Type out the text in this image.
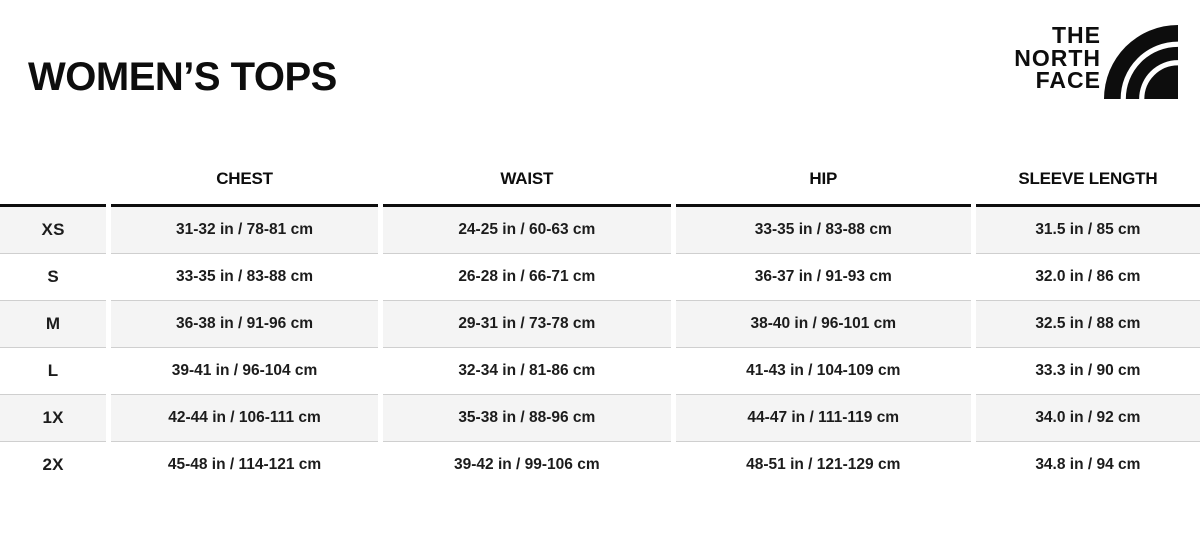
WOMEN’S TOPS
THE
NORTH
FACE
	CHEST	WAIST	HIP	SLEEVE LENGTH
XS	31-32 in / 78-81 cm	24-25 in / 60-63 cm	33-35 in / 83-88 cm	31.5 in / 85 cm
S	33-35 in / 83-88 cm	26-28 in / 66-71 cm	36-37 in / 91-93 cm	32.0 in / 86 cm
M	36-38 in / 91-96 cm	29-31 in / 73-78 cm	38-40 in / 96-101 cm	32.5 in / 88 cm
L	39-41 in / 96-104 cm	32-34 in / 81-86 cm	41-43 in / 104-109 cm	33.3 in / 90 cm
1X	42-44 in / 106-111 cm	35-38 in / 88-96 cm	44-47 in / 111-119 cm	34.0 in / 92 cm
2X	45-48 in / 114-121 cm	39-42 in / 99-106 cm	48-51 in / 121-129 cm	34.8 in / 94 cm
